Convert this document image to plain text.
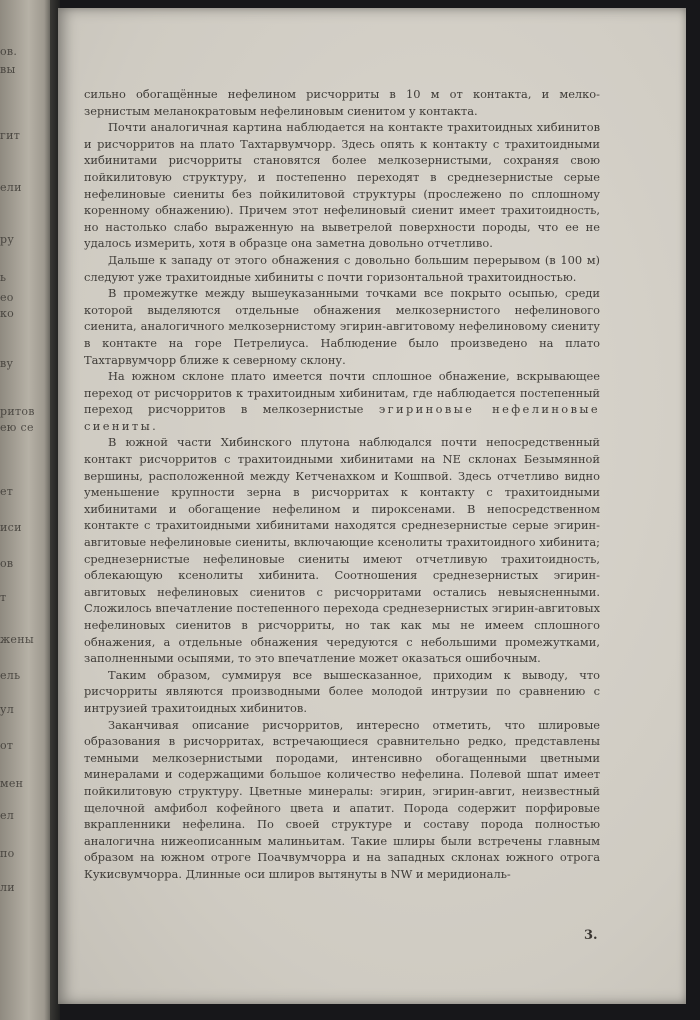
ов.
вы
гит
ели
ру
ь
ео
ко
ву
ритов
ею се
ет
иси
ов
т
жены
ель
ул
от
мен
ел
по
ли

сильно обогащённые нефелином рисчорриты в 10 м от контакта, и мелко-зернистым меланократовым нефелиновым сиенитом у контакта.

Почти аналогичная картина наблюдается на контакте трахитоидных хибинитов и рисчорритов на плато Тахтарвумчорр. Здесь опять к контакту с трахитоидными хибинитами рисчорриты становятся более мелкозернистыми, сохраняя свою пойкилитовую структуру, и постепенно переходят в среднезернистые серые нефелиновые сиениты без пойкилитовой структуры (прослежено по сплошному коренному обнажению). Причем этот нефелиновый сиенит имеет трахитоидность, но настолько слабо выраженную на выветрелой поверхности породы, что ее не удалось измерить, хотя в образце она заметна довольно отчетливо.

Дальше к западу от этого обнажения с довольно большим перерывом (в 100 м) следуют уже трахитоидные хибиниты с почти горизонтальной трахитоидностью.

В промежутке между вышеуказанными точками все покрыто осыпью, среди которой выделяются отдельные обнажения мелкозернистого нефелинового сиенита, аналогичного мелкозернистому эгирин-авгитовому нефелиновому сиениту в контакте на горе Петрелиуса. Наблюдение было произведено на плато Тахтарвумчорр ближе к северному склону.

На южном склоне плато имеется почти сплошное обнажение, вскрывающее переход от рисчорритов к трахитоидным хибинитам, где наблюдается постепенный переход рисчорритов в мелкозернистые эгириновые нефелиновые сиениты.

В южной части Хибинского плутона наблюдался почти непосредственный контакт рисчорритов с трахитоидными хибинитами на NE склонах Безымянной вершины, расположенной между Кетченахком и Кошпвой. Здесь отчетливо видно уменьшение крупности зерна в рисчорритах к контакту с трахитоидными хибинитами и обогащение нефелином и пироксенами. В непосредственном контакте с трахитоидными хибинитами находятся среднезернистые серые эгирин-авгитовые нефелиновые сиениты, включающие ксенолиты трахитоидного хибинита; среднезернистые нефелиновые сиениты имеют отчетливую трахитоидность, облекающую ксенолиты хибинита. Соотношения среднезернистых эгирин-авгитовых нефелиновых сиенитов с рисчорритами остались невыясненными. Сложилось впечатление постепенного перехода среднезернистых эгирин-авгитовых нефелиновых сиенитов в рисчорриты, но так как мы не имеем сплошного обнажения, а отдельные обнажения чередуются с небольшими промежутками, заполненными осыпями, то это впечатление может оказаться ошибочным.

Таким образом, суммируя все вышесказанное, приходим к выводу, что рисчорриты являются производными более молодой интрузии по сравнению с интрузией трахитоидных хибинитов.

Заканчивая описание рисчорритов, интересно отметить, что шлировые образования в рисчорритах, встречающиеся сравнительно редко, представлены темными мелкозернистыми породами, интенсивно обогащенными цветными минералами и содержащими большое количество нефелина. Полевой шпат имеет пойкилитовую структуру. Цветные минералы: эгирин, эгирин-авгит, неизвестный щелочной амфибол кофейного цвета и апатит. Порода содержит порфировые вкрапленники нефелина. По своей структуре и составу порода полностью аналогична нижеописанным малиньитам. Такие шлиры были встречены главным образом на южном отроге Поачвумчорра и на западных склонах южного отрога Кукисвумчорра. Длинные оси шлиров вытянуты в NW и меридиональ-

3.
